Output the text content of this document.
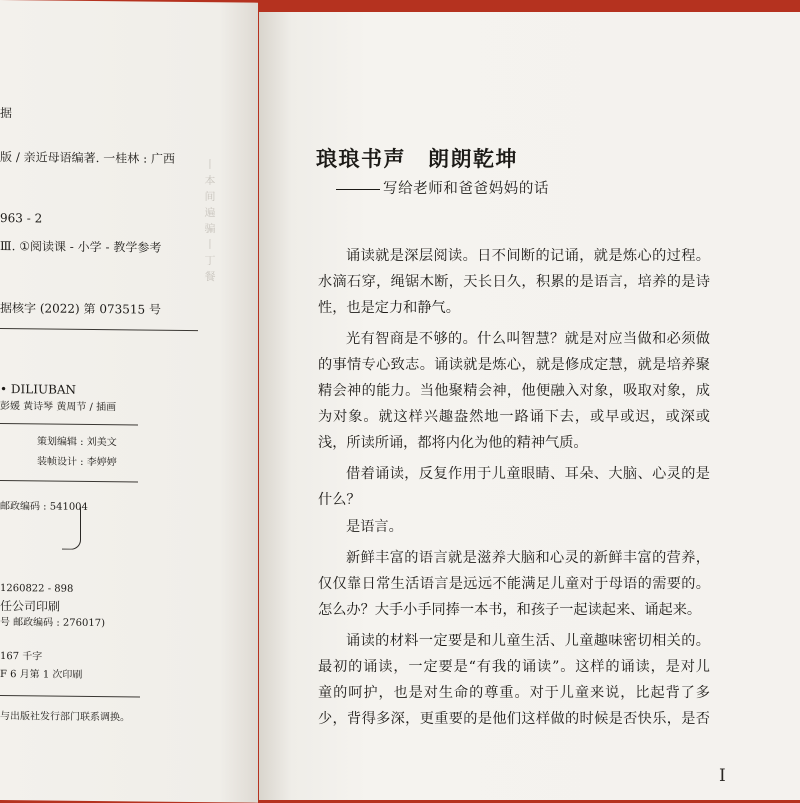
据
版 / 亲近母语编著. 一桂林 : 广西
963 - 2
Ⅲ. ①阅读课 - 小学 - 教学参考
据核字 (2022) 第 073515 号
• DILIUBAN
彭媛 黄诗琴 黄周节 / 插画
策划编辑 : 刘美文
装帧设计 : 李婷婷
邮政编码 : 541004
1260822 - 898
任公司印刷
号 邮政编码 : 276017)
167 千字
F 6 月第 1 次印刷
与出版社发行部门联系调换。
丨
本
间
遍
骗
丨
丁
餐
琅琅书声 朗朗乾坤
写给老师和爸爸妈妈的话
诵读就是深层阅读。日不间断的记诵，就是炼心的过程。
水滴石穿，绳锯木断，天长日久，积累的是语言，培养的是诗
性，也是定力和静气。
光有智商是不够的。什么叫智慧？就是对应当做和必须做
的事情专心致志。诵读就是炼心，就是修成定慧，就是培养聚
精会神的能力。当他聚精会神，他便融入对象，吸取对象，成
为对象。就这样兴趣盎然地一路诵下去，或早或迟，或深或
浅，所读所诵，都将内化为他的精神气质。
借着诵读，反复作用于儿童眼睛、耳朵、大脑、心灵的是
什么？
是语言。
新鲜丰富的语言就是滋养大脑和心灵的新鲜丰富的营养，
仅仅靠日常生活语言是远远不能满足儿童对于母语的需要的。
怎么办？大手小手同捧一本书，和孩子一起读起来、诵起来。
诵读的材料一定要是和儿童生活、儿童趣味密切相关的。
最初的诵读，一定要是“有我的诵读”。这样的诵读，是对儿
童的呵护，也是对生命的尊重。对于儿童来说，比起背了多
少，背得多深，更重要的是他们这样做的时候是否快乐，是否
I
